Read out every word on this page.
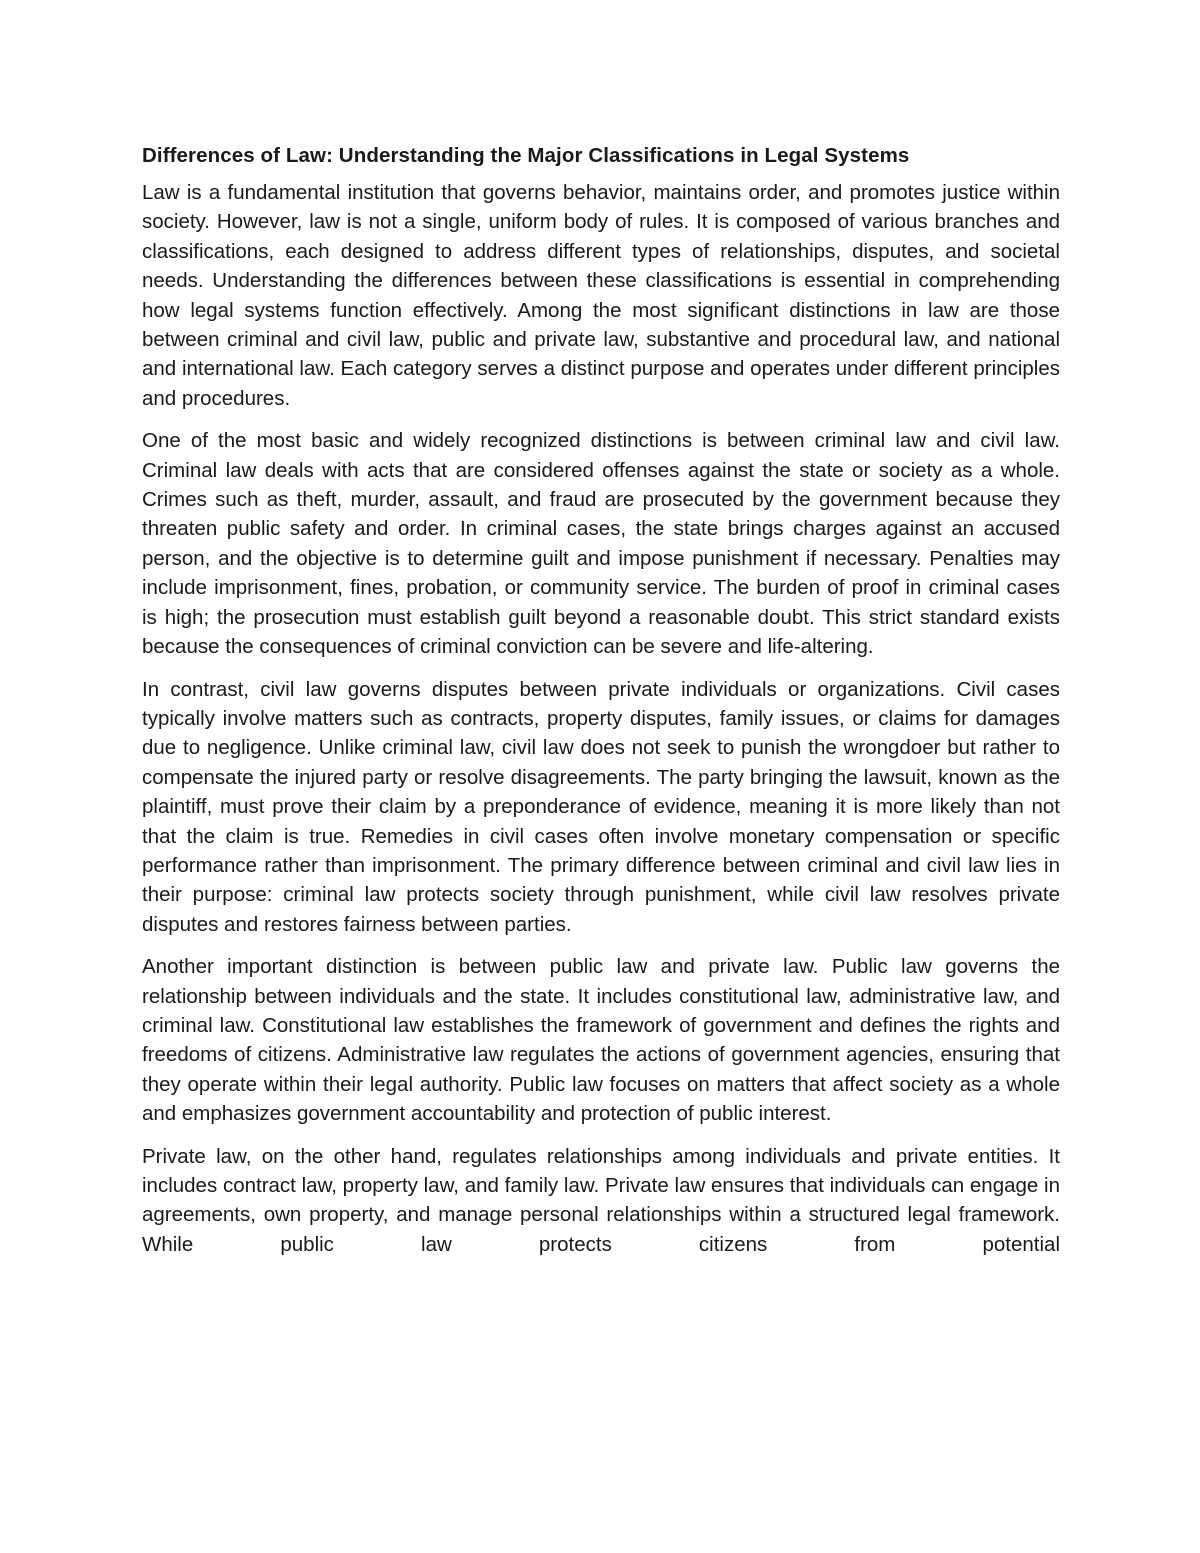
Differences of Law: Understanding the Major Classifications in Legal Systems

Law is a fundamental institution that governs behavior, maintains order, and promotes justice within society. However, law is not a single, uniform body of rules. It is composed of various branches and classifications, each designed to address different types of relationships, disputes, and societal needs. Understanding the differences between these classifications is essential in comprehending how legal systems function effectively. Among the most significant distinctions in law are those between criminal and civil law, public and private law, substantive and procedural law, and national and international law. Each category serves a distinct purpose and operates under different principles and procedures.

One of the most basic and widely recognized distinctions is between criminal law and civil law. Criminal law deals with acts that are considered offenses against the state or society as a whole. Crimes such as theft, murder, assault, and fraud are prosecuted by the government because they threaten public safety and order. In criminal cases, the state brings charges against an accused person, and the objective is to determine guilt and impose punishment if necessary. Penalties may include imprisonment, fines, probation, or community service. The burden of proof in criminal cases is high; the prosecution must establish guilt beyond a reasonable doubt. This strict standard exists because the consequences of criminal conviction can be severe and life-altering.

In contrast, civil law governs disputes between private individuals or organizations. Civil cases typically involve matters such as contracts, property disputes, family issues, or claims for damages due to negligence. Unlike criminal law, civil law does not seek to punish the wrongdoer but rather to compensate the injured party or resolve disagreements. The party bringing the lawsuit, known as the plaintiff, must prove their claim by a preponderance of evidence, meaning it is more likely than not that the claim is true. Remedies in civil cases often involve monetary compensation or specific performance rather than imprisonment. The primary difference between criminal and civil law lies in their purpose: criminal law protects society through punishment, while civil law resolves private disputes and restores fairness between parties.

Another important distinction is between public law and private law. Public law governs the relationship between individuals and the state. It includes constitutional law, administrative law, and criminal law. Constitutional law establishes the framework of government and defines the rights and freedoms of citizens. Administrative law regulates the actions of government agencies, ensuring that they operate within their legal authority. Public law focuses on matters that affect society as a whole and emphasizes government accountability and protection of public interest.

Private law, on the other hand, regulates relationships among individuals and private entities. It includes contract law, property law, and family law. Private law ensures that individuals can engage in agreements, own property, and manage personal relationships within a structured legal framework. While public law protects citizens from potential
